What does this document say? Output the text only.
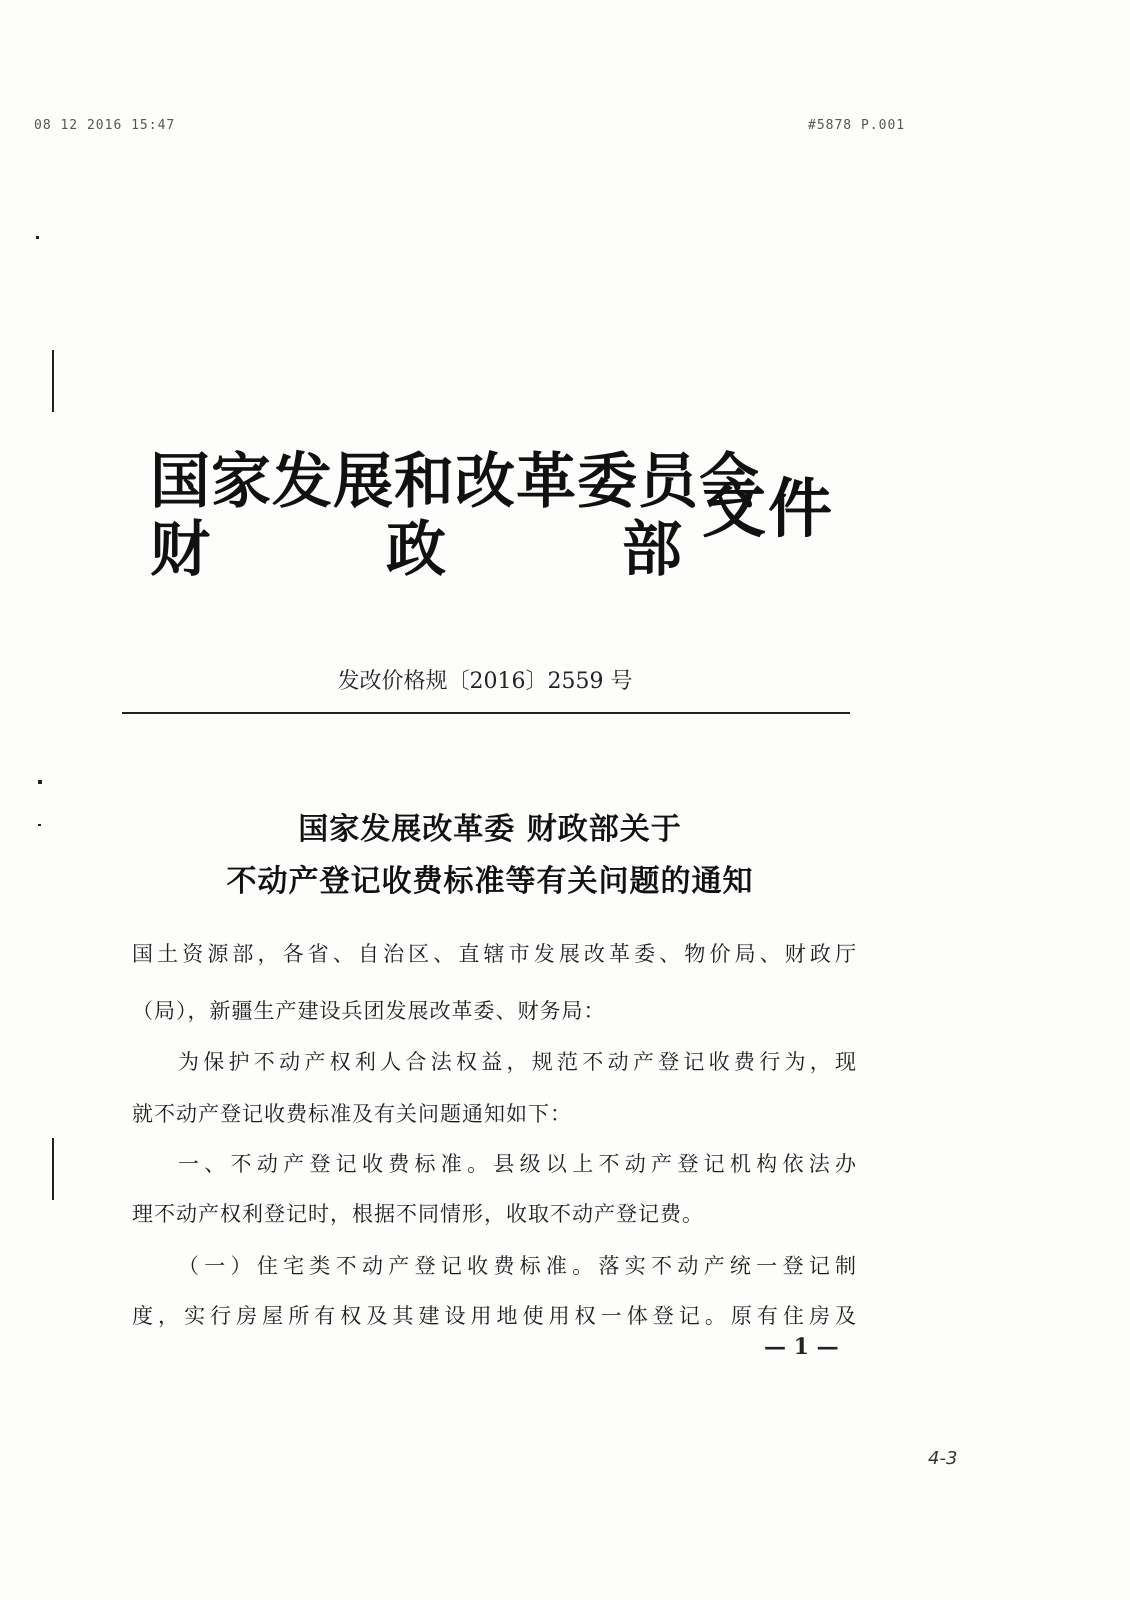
08 12 2016 15:47	#5878 P.001
国家发展和改革委员会
财	政	部
文件
发改价格规〔2016〕2559 号
国家发展改革委 财政部关于
不动产登记收费标准等有关问题的通知
国土资源部，各省、自治区、直辖市发展改革委、物价局、财政厅
（局），新疆生产建设兵团发展改革委、财务局：
为保护不动产权利人合法权益，规范不动产登记收费行为，现
就不动产登记收费标准及有关问题通知如下：
一、不动产登记收费标准。县级以上不动产登记机构依法办
理不动产权利登记时，根据不同情形，收取不动产登记费。
（一）住宅类不动产登记收费标准。落实不动产统一登记制
度，实行房屋所有权及其建设用地使用权一体登记。原有住房及
— 1 —
4-3
